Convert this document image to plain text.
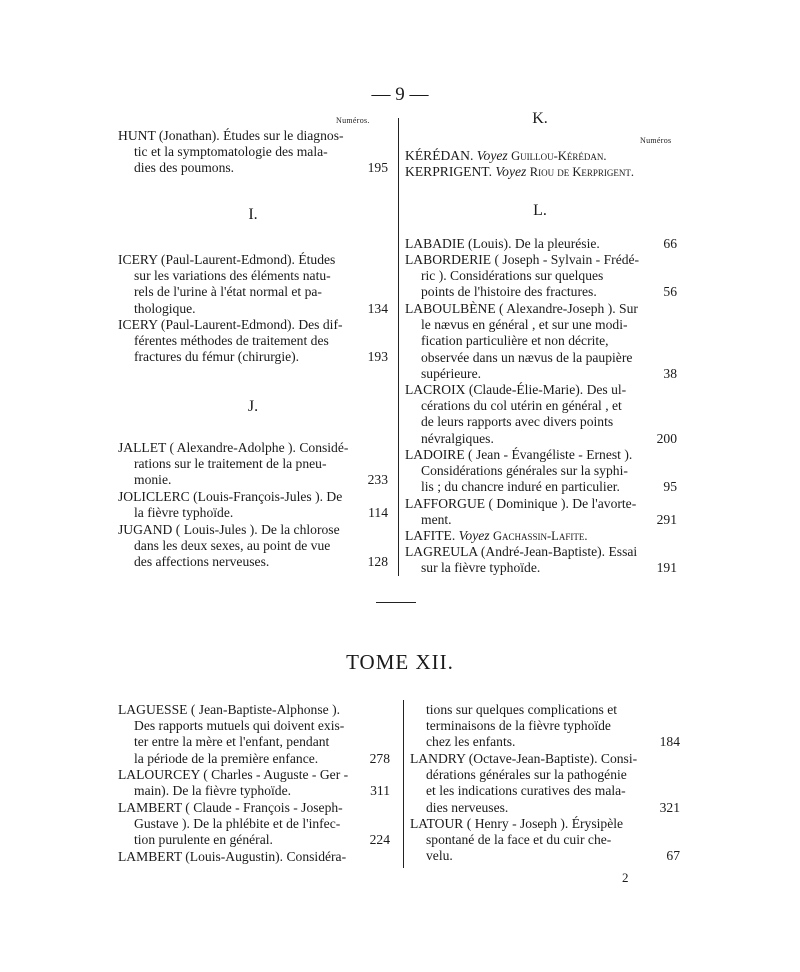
— 9 —
Numéros.
Numéros
HUNT (Jonathan). Études sur le diagnos-
tic et la symptomatologie des mala-
dies des poumons.	195
I.
ICERY (Paul-Laurent-Edmond). Études
sur les variations des éléments natu-
rels de l'urine à l'état normal et pa-
thologique.	134
ICERY (Paul-Laurent-Edmond). Des dif-
férentes méthodes de traitement des
fractures du fémur (chirurgie).	193
J.
JALLET ( Alexandre-Adolphe ). Considé-
rations sur le traitement de la pneu-
monie.	233
JOLICLERC (Louis-François-Jules ). De
la fièvre typhoïde.	114
JUGAND ( Louis-Jules ). De la chlorose
dans les deux sexes, au point de vue
des affections nerveuses.	128
K.
KÉRÉDAN. Voyez Guillou-Kérédan.
KERPRIGENT. Voyez Riou de Kerprigent.
L.
LABADIE (Louis). De la pleurésie.	66
LABORDERIE ( Joseph - Sylvain - Frédé-
ric ). Considérations sur quelques
points de l'histoire des fractures.	56
LABOULBÈNE ( Alexandre-Joseph ). Sur
le nævus en général , et sur une modi-
fication particulière et non décrite,
observée dans un nævus de la paupière
supérieure.	38
LACROIX (Claude-Élie-Marie). Des ul-
cérations du col utérin en général , et
de leurs rapports avec divers points
névralgiques.	200
LADOIRE ( Jean - Évangéliste - Ernest ).
Considérations générales sur la syphi-
lis ; du chancre induré en particulier.	95
LAFFORGUE ( Dominique ). De l'avorte-
ment.	291
LAFITE. Voyez Gachassin-Lafite.
LAGREULA (André-Jean-Baptiste). Essai
sur la fièvre typhoïde.	191
TOME XII.
LAGUESSE ( Jean-Baptiste-Alphonse ).
Des rapports mutuels qui doivent exis-
ter entre la mère et l'enfant, pendant
la période de la première enfance.	278
LALOURCEY ( Charles - Auguste - Ger -
main). De la fièvre typhoïde.	311
LAMBERT ( Claude - François - Joseph-
Gustave ). De la phlébite et de l'infec-
tion purulente en général.	224
LAMBERT (Louis-Augustin). Considéra-
tions sur quelques complications et
terminaisons de la fièvre typhoïde
chez les enfants.	184
LANDRY (Octave-Jean-Baptiste). Consi-
dérations générales sur la pathogénie
et les indications curatives des mala-
dies nerveuses.	321
LATOUR ( Henry - Joseph ). Érysipèle
spontané de la face et du cuir che-
velu.	67
2
